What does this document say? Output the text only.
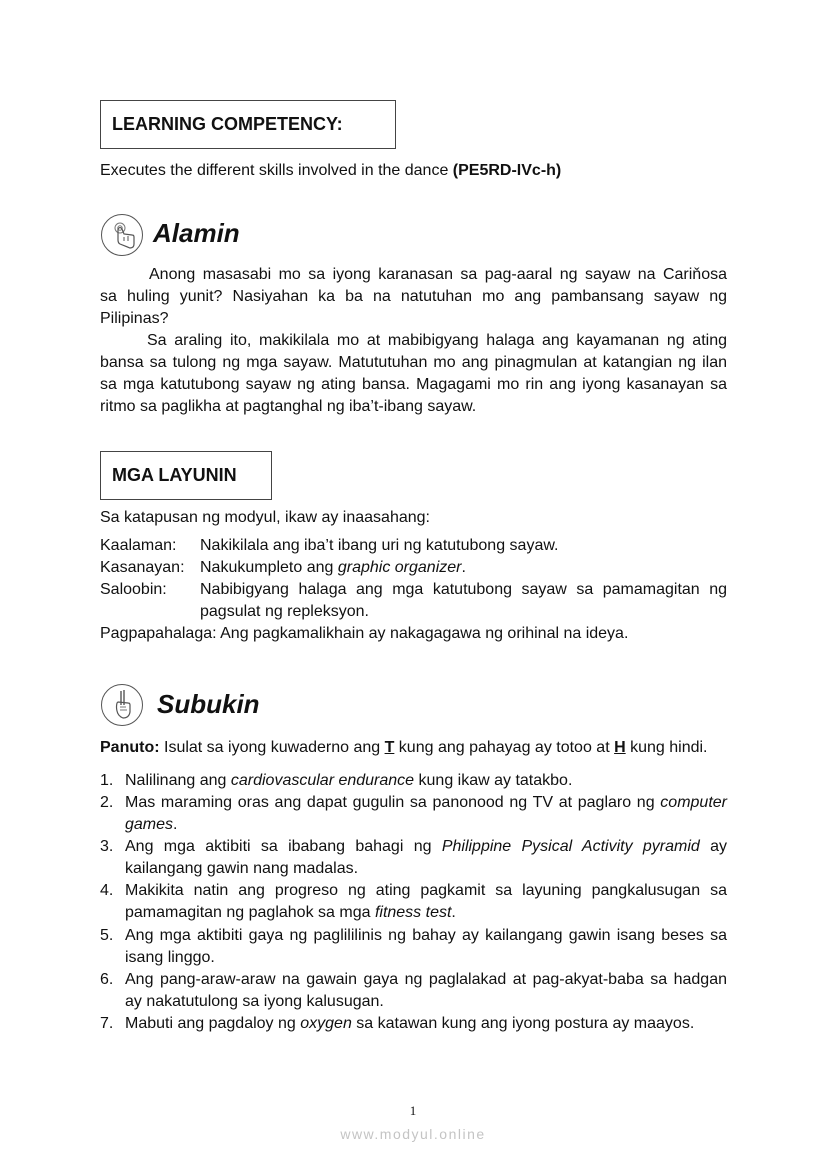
LEARNING COMPETENCY:
Executes the different skills involved in the dance (PE5RD-IVc-h)
Alamin
Anong masasabi mo sa iyong karanasan sa pag-aaral ng sayaw na Cariňosa
sa huling yunit? Nasiyahan ka ba na natutuhan mo ang pambansang sayaw ng
Pilipinas?
Sa araling ito, makikilala mo at mabibigyang halaga ang kayamanan ng ating
bansa sa tulong ng mga sayaw. Matututuhan mo ang pinagmulan at katangian ng ilan
sa mga katutubong sayaw ng ating bansa. Magagami mo rin ang iyong kasanayan sa
ritmo sa paglikha at pagtanghal ng iba’t-ibang sayaw.
MGA LAYUNIN
Sa katapusan ng modyul, ikaw ay inaasahang:
Kaalaman: Nakikilala ang iba’t ibang uri ng katutubong sayaw.
Kasanayan: Nakukumpleto ang graphic organizer.
Saloobin: Nabibigyang halaga ang mga katutubong sayaw sa pamamagitan ng
pagsulat ng repleksyon.
Pagpapahalaga: Ang pagkamalikhain ay nakagagawa ng orihinal na ideya.
Subukin
Panuto: Isulat sa iyong kuwaderno ang T kung ang pahayag ay totoo at H kung hindi.
1. Nalilinang ang cardiovascular endurance kung ikaw ay tatakbo.
2. Mas maraming oras ang dapat gugulin sa panonood ng TV at paglaro ng computer
games.
3. Ang mga aktibiti sa ibabang bahagi ng Philippine Pysical Activity pyramid ay
kailangang gawin nang madalas.
4. Makikita natin ang progreso ng ating pagkamit sa layuning pangkalusugan sa
pamamagitan ng paglahok sa mga fitness test.
5. Ang mga aktibiti gaya ng paglililinis ng bahay ay kailangang gawin isang beses sa
isang linggo.
6. Ang pang-araw-araw na gawain gaya ng paglalakad at pag-akyat-baba sa hadgan
ay nakatutulong sa iyong kalusugan.
7. Mabuti ang pagdaloy ng oxygen sa katawan kung ang iyong postura ay maayos.
1
www.modyul.online
